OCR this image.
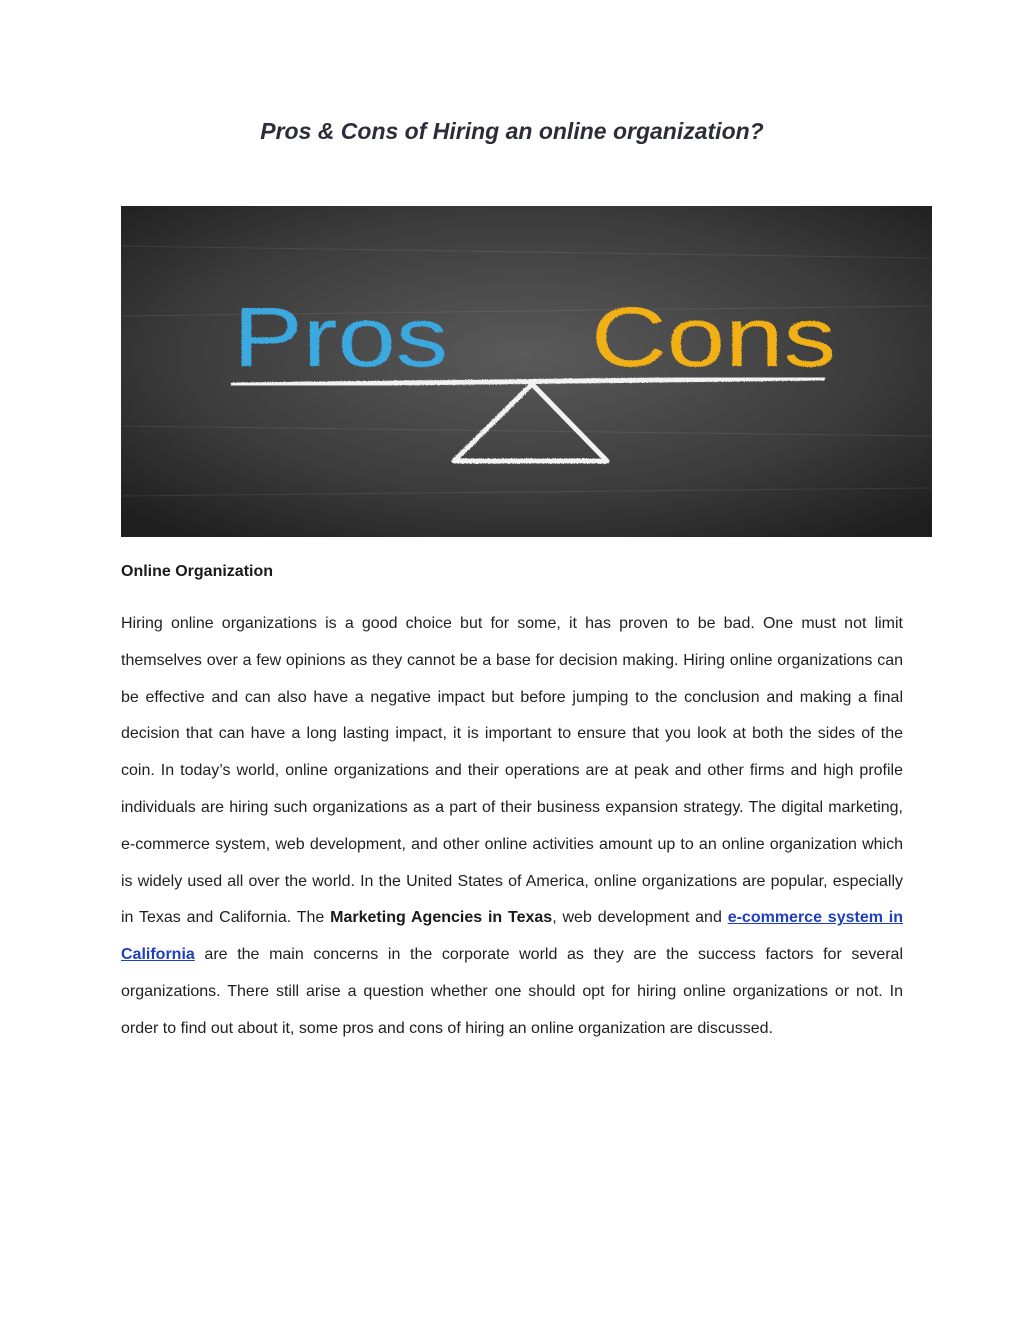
Pros & Cons of Hiring an online organization?
Pros Cons
Online Organization

Hiring online organizations is a good choice but for some, it has proven to be bad. One must not limit themselves over a few opinions as they cannot be a base for decision making. Hiring online organizations can be effective and can also have a negative impact but before jumping to the conclusion and making a final decision that can have a long lasting impact, it is important to ensure that you look at both the sides of the coin. In today’s world, online organizations and their operations are at peak and other firms and high profile individuals are hiring such organizations as a part of their business expansion strategy. The digital marketing, e-commerce system, web development, and other online activities amount up to an online organization which is widely used all over the world. In the United States of America, online organizations are popular, especially in Texas and California. The Marketing Agencies in Texas, web development and e-commerce system in California are the main concerns in the corporate world as they are the success factors for several organizations. There still arise a question whether one should opt for hiring online organizations or not. In order to find out about it, some pros and cons of hiring an online organization are discussed.
